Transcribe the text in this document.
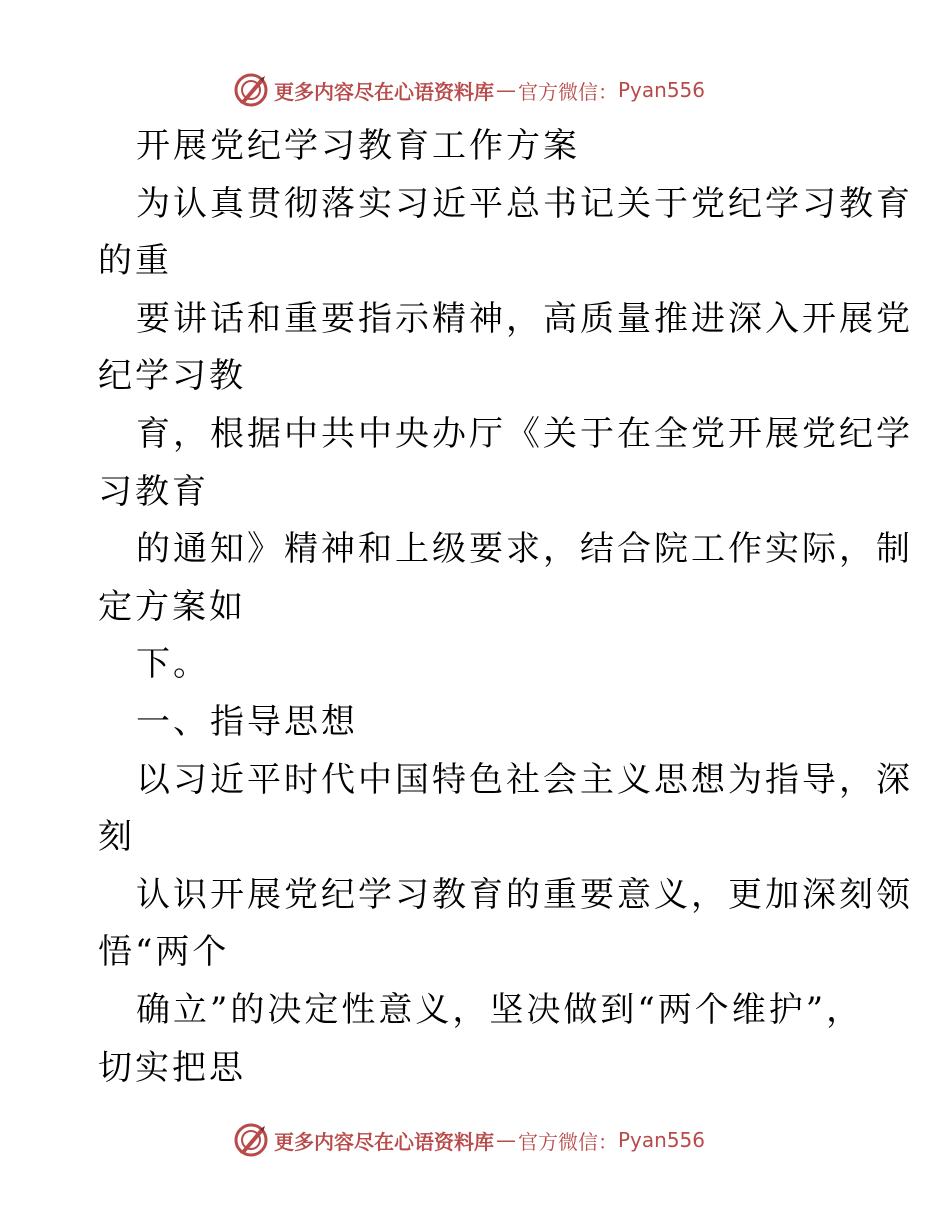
更多内容尽在心语资料库 — 官方微信： Pyan556
开展党纪学习教育工作方案
为认真贯彻落实习近平总书记关于党纪学习教育
的重
要讲话和重要指示精神，高质量推进深入开展党
纪学习教
育，根据中共中央办厅《关于在全党开展党纪学
习教育
的通知》精神和上级要求，结合院工作实际，制
定方案如
下。
一、指导思想
以习近平时代中国特色社会主义思想为指导，深
刻
认识开展党纪学习教育的重要意义，更加深刻领
悟“两个
确立”的决定性意义，坚决做到“两个维护”，
切实把思
更多内容尽在心语资料库 — 官方微信： Pyan556
